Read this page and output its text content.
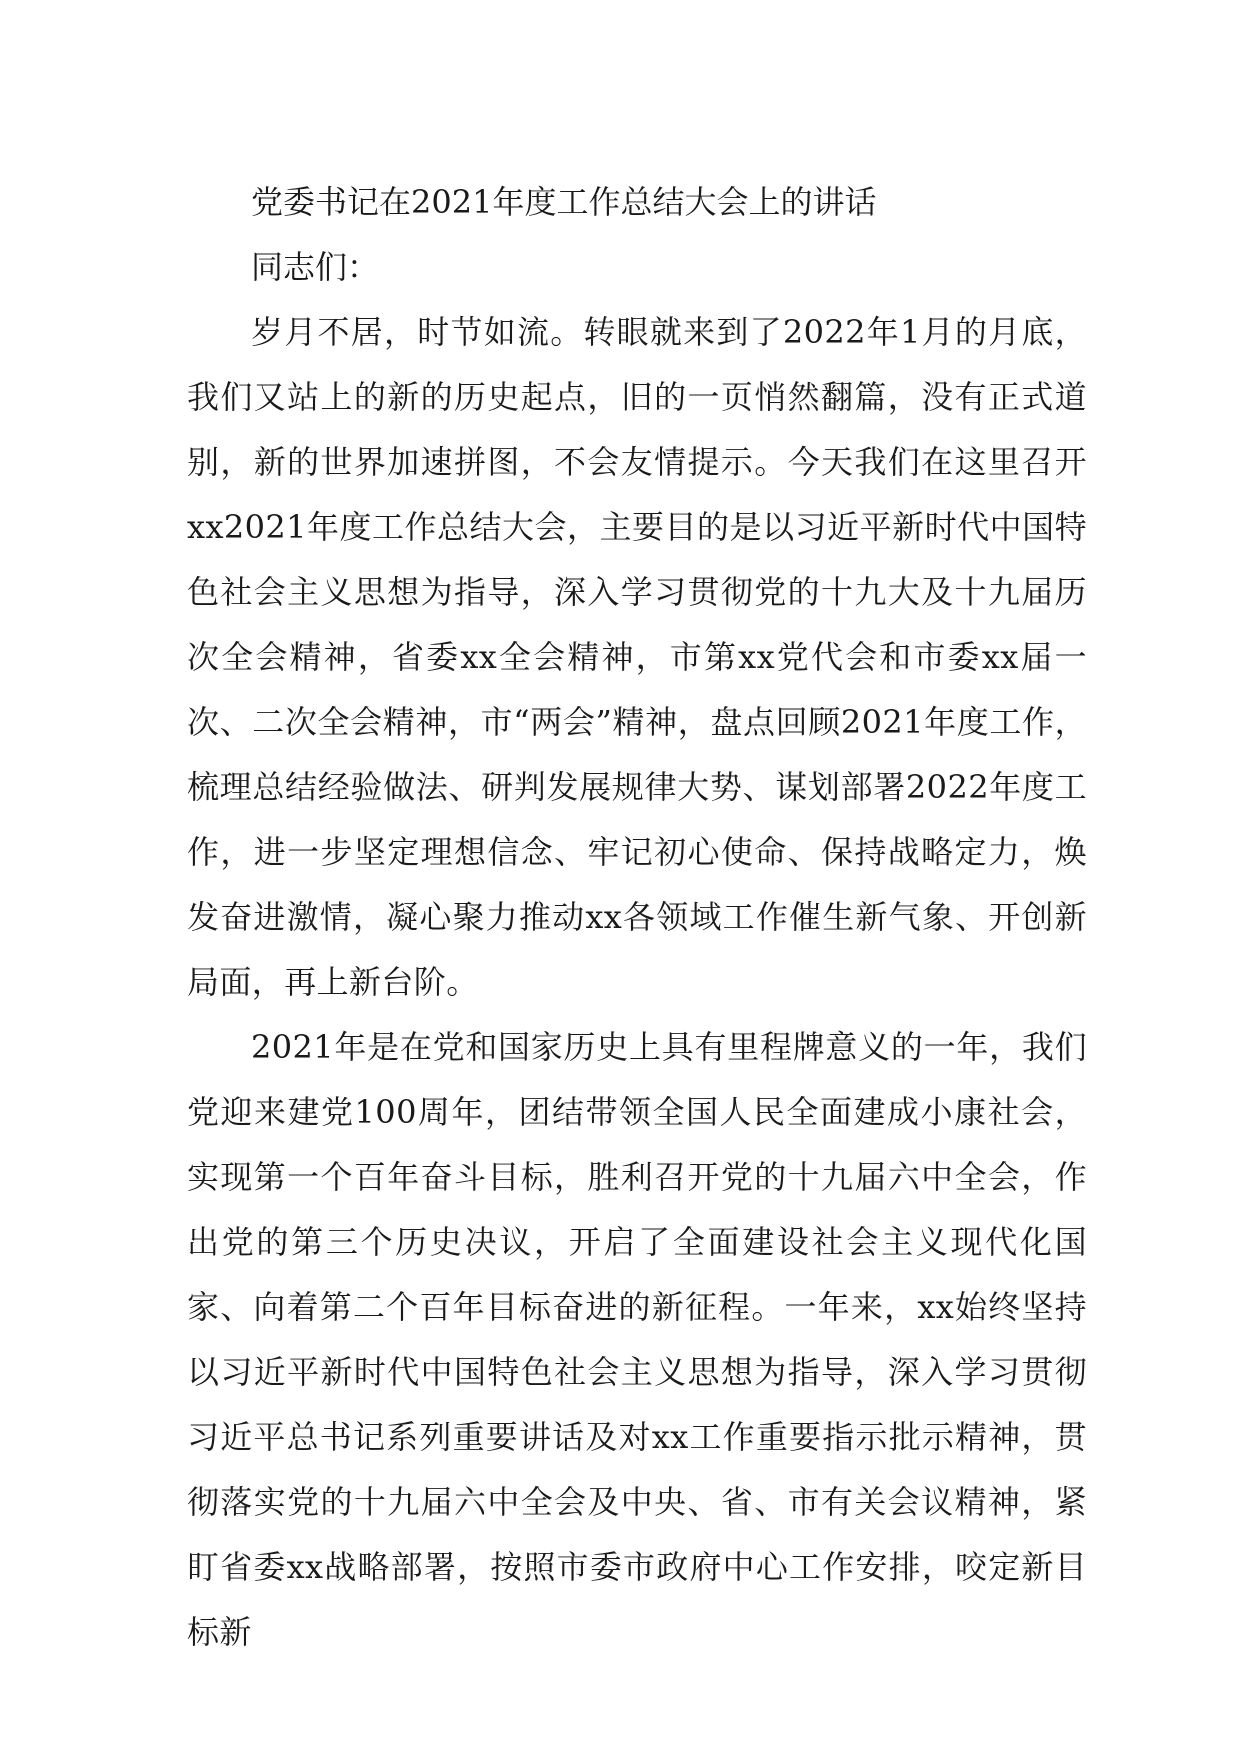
党委书记在2021年度工作总结大会上的讲话

同志们：

岁月不居，时节如流。转眼就来到了2022年1月的月底，我们又站上的新的历史起点，旧的一页悄然翻篇，没有正式道别，新的世界加速拼图，不会友情提示。今天我们在这里召开xx2021年度工作总结大会，主要目的是以习近平新时代中国特色社会主义思想为指导，深入学习贯彻党的十九大及十九届历次全会精神，省委xx全会精神，市第xx党代会和市委xx届一次、二次全会精神，市“两会”精神，盘点回顾2021年度工作，梳理总结经验做法、研判发展规律大势、谋划部署2022年度工作，进一步坚定理想信念、牢记初心使命、保持战略定力，焕发奋进激情，凝心聚力推动xx各领域工作催生新气象、开创新局面，再上新台阶。

2021年是在党和国家历史上具有里程牌意义的一年，我们党迎来建党100周年，团结带领全国人民全面建成小康社会，实现第一个百年奋斗目标，胜利召开党的十九届六中全会，作出党的第三个历史决议，开启了全面建设社会主义现代化国家、向着第二个百年目标奋进的新征程。一年来，xx始终坚持以习近平新时代中国特色社会主义思想为指导，深入学习贯彻习近平总书记系列重要讲话及对xx工作重要指示批示精神，贯彻落实党的十九届六中全会及中央、省、市有关会议精神，紧盯省委xx战略部署，按照市委市政府中心工作安排，咬定新目标新
